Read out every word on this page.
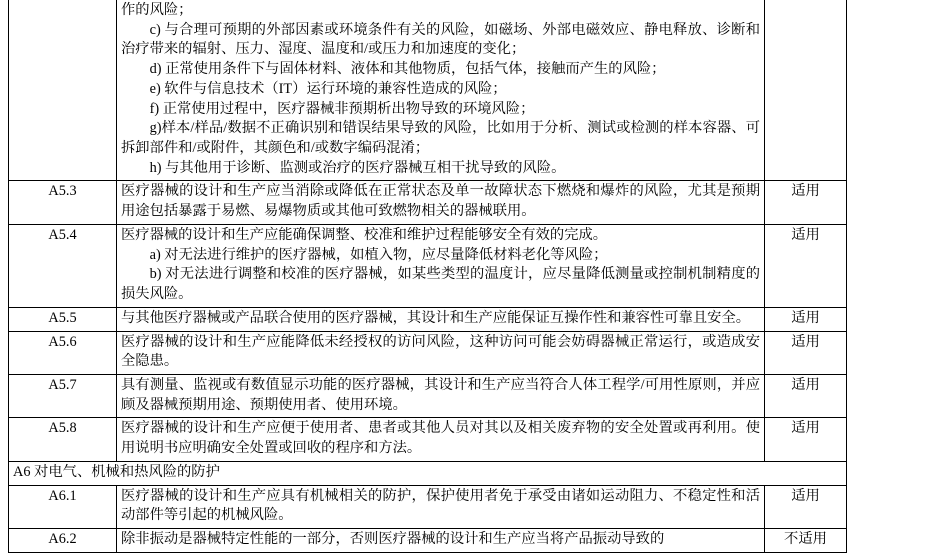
作的风险；

c) 与合理可预期的外部因素或环境条件有关的风险，如磁场、外部电磁效应、静电释放、诊断和治疗带来的辐射、压力、湿度、温度和/或压力和加速度的变化；

d) 正常使用条件下与固体材料、液体和其他物质，包括气体，接触而产生的风险；

e) 软件与信息技术（IT）运行环境的兼容性造成的风险；

f) 正常使用过程中，医疗器械非预期析出物导致的环境风险；

g)样本/样品/数据不正确识别和错误结果导致的风险，比如用于分析、测试或检测的样本容器、可拆卸部件和/或附件，其颜色和/或数字编码混淆；

h) 与其他用于诊断、监测或治疗的医疗器械互相干扰导致的风险。

A5.3	医疗器械的设计和生产应当消除或降低在正常状态及单一故障状态下燃烧和爆炸的风险，尤其是预期用途包括暴露于易燃、易爆物质或其他可致燃物相关的器械联用。	适用
A5.4	医疗器械的设计和生产应能确保调整、校准和维护过程能够安全有效的完成。

a) 对无法进行维护的医疗器械，如植入物，应尽量降低材料老化等风险；

b) 对无法进行调整和校准的医疗器械，如某些类型的温度计，应尽量降低测量或控制机制精度的损失风险。	适用
A5.5	与其他医疗器械或产品联合使用的医疗器械，其设计和生产应能保证互操作性和兼容性可靠且安全。	适用
A5.6	医疗器械的设计和生产应能降低未经授权的访问风险，这种访问可能会妨碍器械正常运行，或造成安全隐患。	适用
A5.7	具有测量、监视或有数值显示功能的医疗器械，其设计和生产应当符合人体工程学/可用性原则，并应顾及器械预期用途、预期使用者、使用环境。	适用
A5.8	医疗器械的设计和生产应便于使用者、患者或其他人员对其以及相关废弃物的安全处置或再利用。使用说明书应明确安全处置或回收的程序和方法。	适用
A6 对电气、机械和热风险的防护		
A6.1	医疗器械的设计和生产应具有机械相关的防护，保护使用者免于承受由诸如运动阻力、不稳定性和活动部件等引起的机械风险。	适用
A6.2	除非振动是器械特定性能的一部分，否则医疗器械的设计和生产应当将产品振动导致的	不适用
